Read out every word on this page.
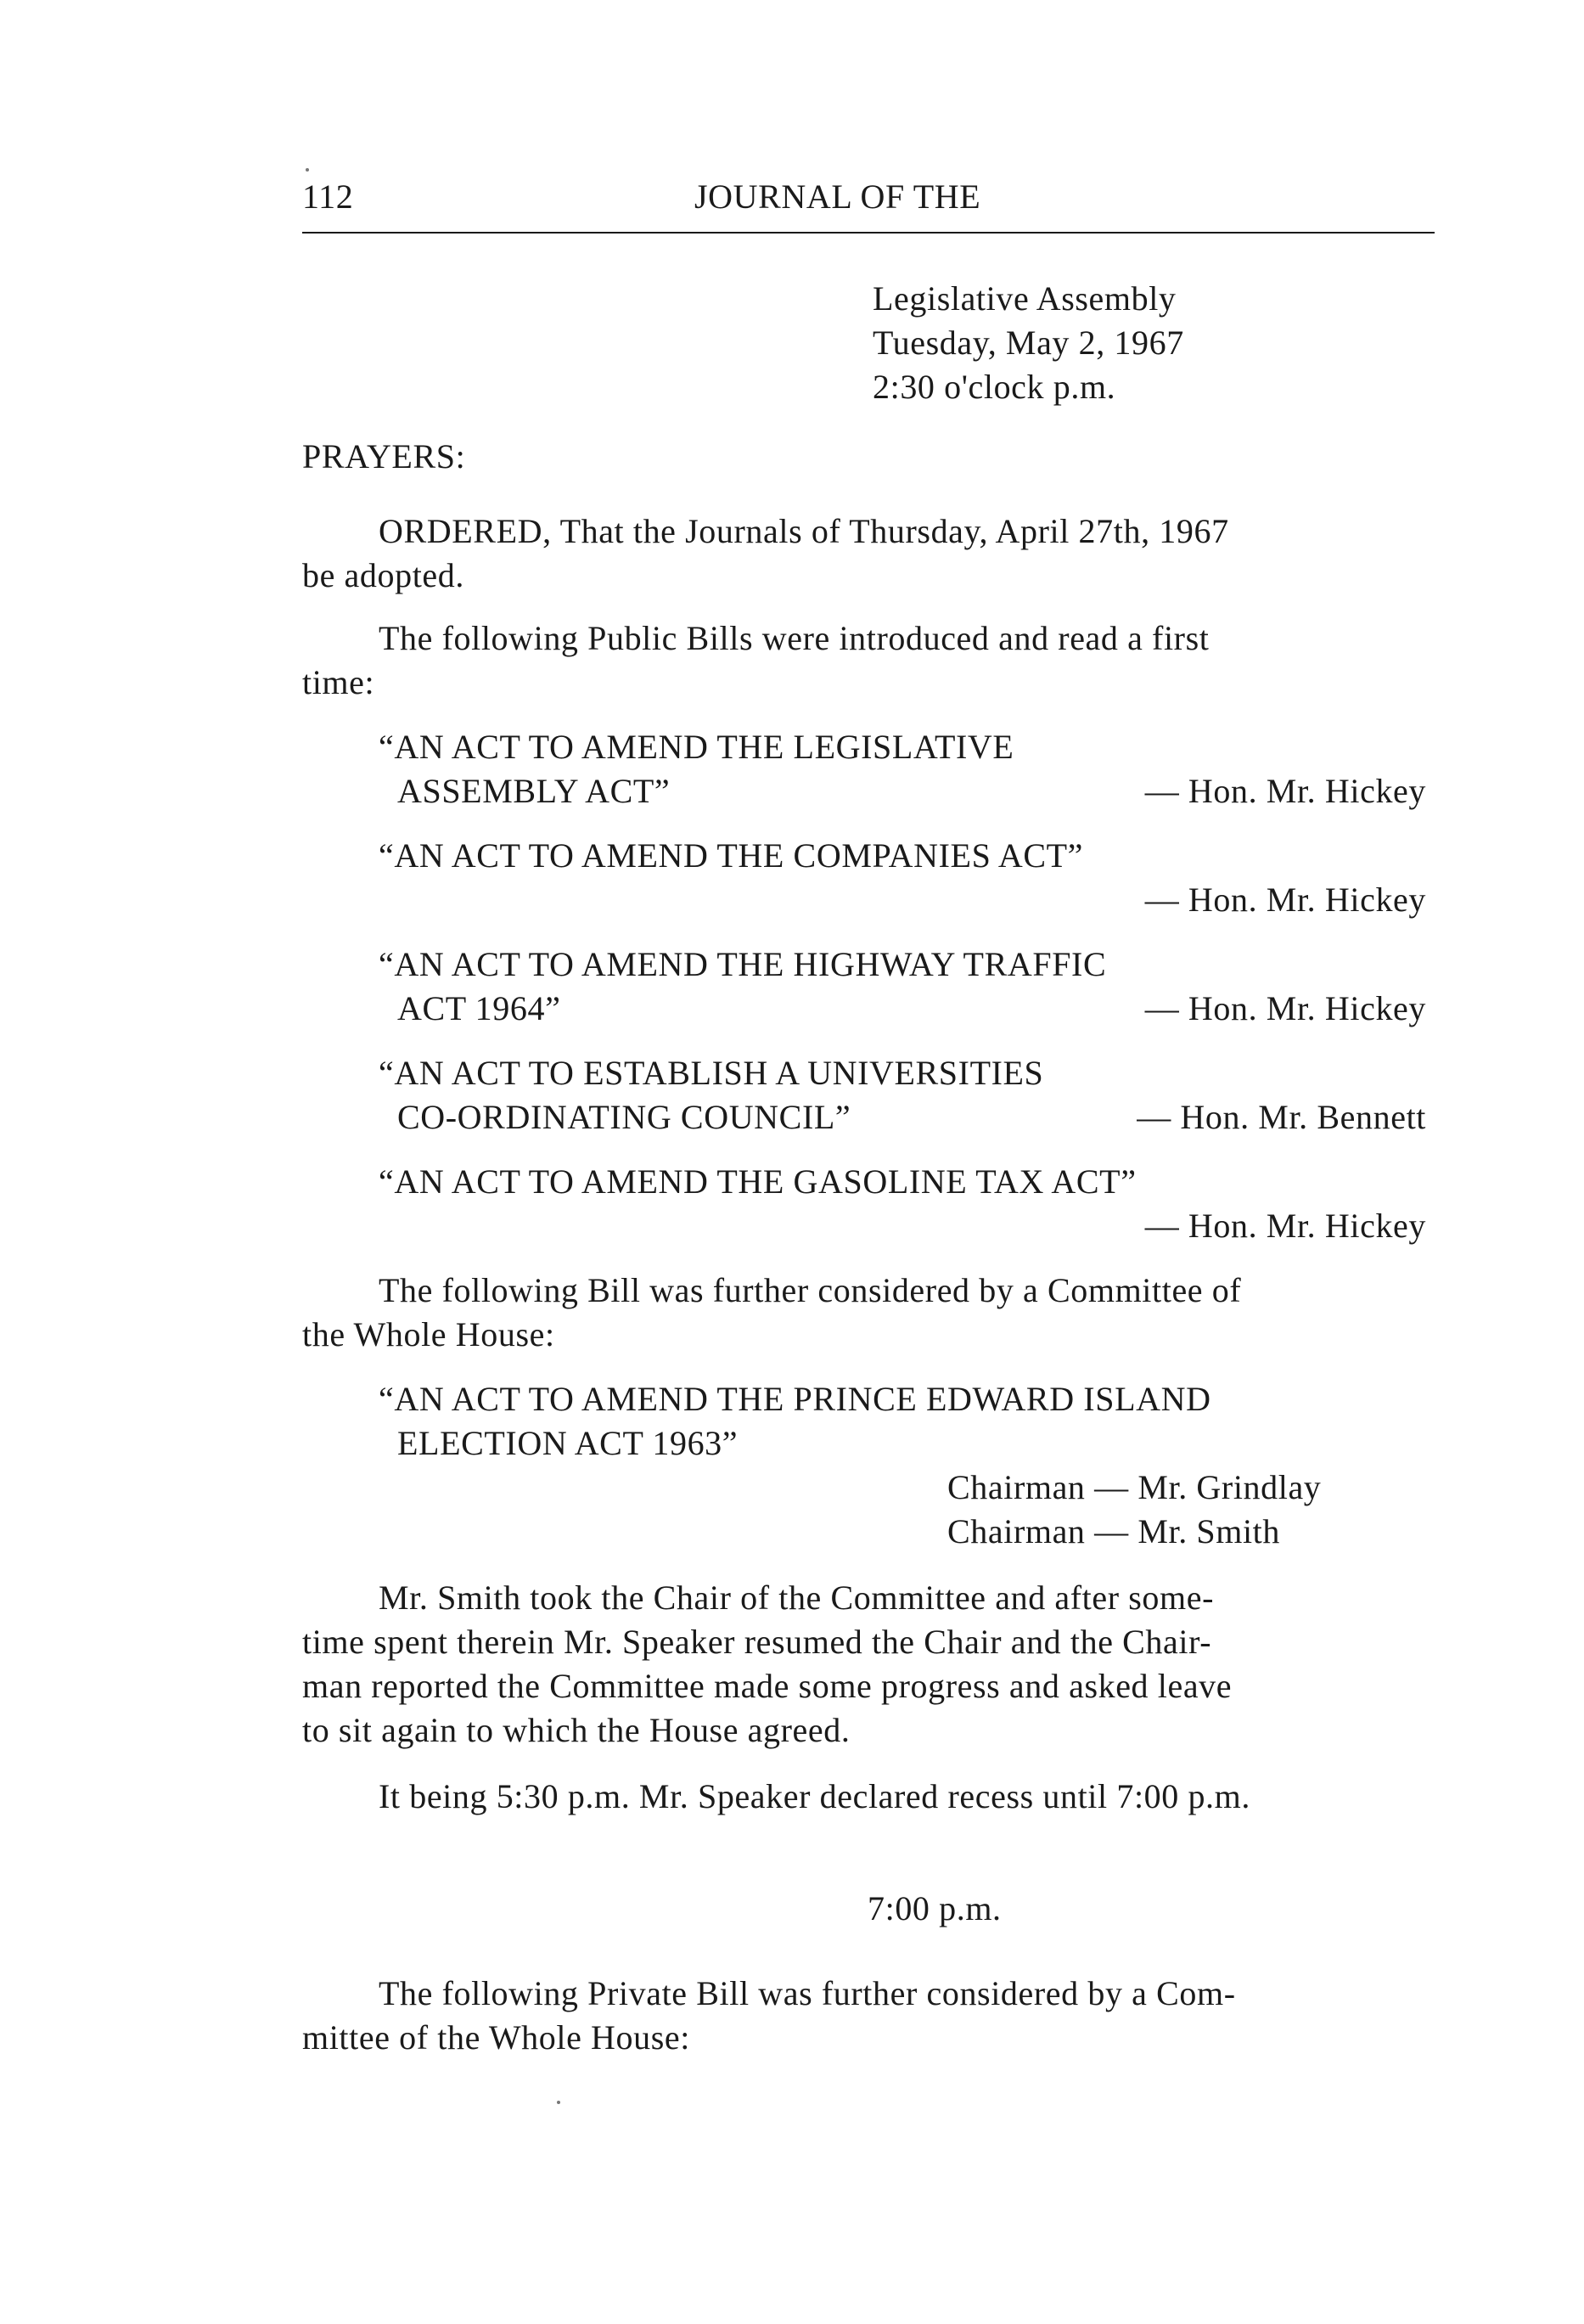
112	JOURNAL OF THE
Legislative Assembly
Tuesday, May 2, 1967
2:30 o'clock p.m.
PRAYERS:
ORDERED, That the Journals of Thursday, April 27th, 1967
be adopted.
The following Public Bills were introduced and read a first
time:
“AN ACT TO AMEND THE LEGISLATIVE
ASSEMBLY ACT”	— Hon. Mr. Hickey
“AN ACT TO AMEND THE COMPANIES ACT”
— Hon. Mr. Hickey
“AN ACT TO AMEND THE HIGHWAY TRAFFIC
ACT 1964”	— Hon. Mr. Hickey
“AN ACT TO ESTABLISH A UNIVERSITIES
CO-ORDINATING COUNCIL”	— Hon. Mr. Bennett
“AN ACT TO AMEND THE GASOLINE TAX ACT”
— Hon. Mr. Hickey
The following Bill was further considered by a Committee of
the Whole House:
“AN ACT TO AMEND THE PRINCE EDWARD ISLAND
ELECTION ACT 1963”
Chairman — Mr. Grindlay
Chairman — Mr. Smith
Mr. Smith took the Chair of the Committee and after some-
time spent therein Mr. Speaker resumed the Chair and the Chair-
man reported the Committee made some progress and asked leave
to sit again to which the House agreed.
It being 5:30 p.m. Mr. Speaker declared recess until 7:00 p.m.
7:00 p.m.
The following Private Bill was further considered by a Com-
mittee of the Whole House:
